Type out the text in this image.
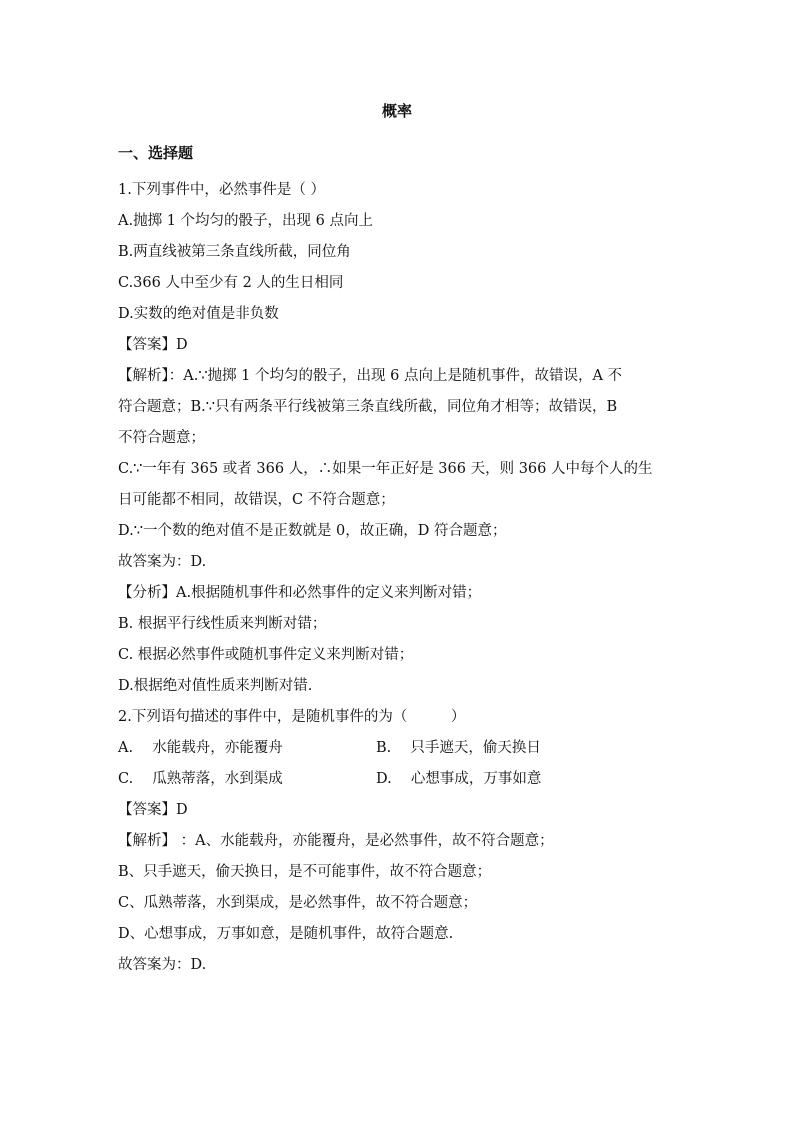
概率
一、选择题
1.下列事件中，必然事件是（ ）
A.抛掷 1 个均匀的骰子，出现 6 点向上
B.两直线被第三条直线所截，同位角
C.366 人中至少有 2 人的生日相同
D.实数的绝对值是非负数
【答案】D
【解析】：A.∵抛掷 1 个均匀的骰子，出现 6 点向上是随机事件，故错误，A 不
符合题意；B.∵只有两条平行线被第三条直线所截，同位角才相等；故错误，B
不符合题意；
C.∵一年有 365 或者 366 人，∴如果一年正好是 366 天，则 366 人中每个人的生
日可能都不相同，故错误，C 不符合题意；
D.∵一个数的绝对值不是正数就是 0，故正确，D 符合题意；
故答案为：D.
【分析】A.根据随机事件和必然事件的定义来判断对错；
B. 根据平行线性质来判断对错；
C. 根据必然事件或随机事件定义来判断对错；
D.根据绝对值性质来判断对错.
2.下列语句描述的事件中，是随机事件的为（　　　）
A.　 水能载舟，亦能覆舟	B.　 只手遮天，偷天换日
C.　 瓜熟蒂落，水到渠成	D.　 心想事成，万事如意
【答案】D
【解析】 ：A、水能载舟，亦能覆舟，是必然事件，故不符合题意；
B、只手遮天，偷天换日，是不可能事件，故不符合题意；
C、瓜熟蒂落，水到渠成，是必然事件，故不符合题意；
D、心想事成，万事如意，是随机事件，故符合题意.
故答案为：D.
